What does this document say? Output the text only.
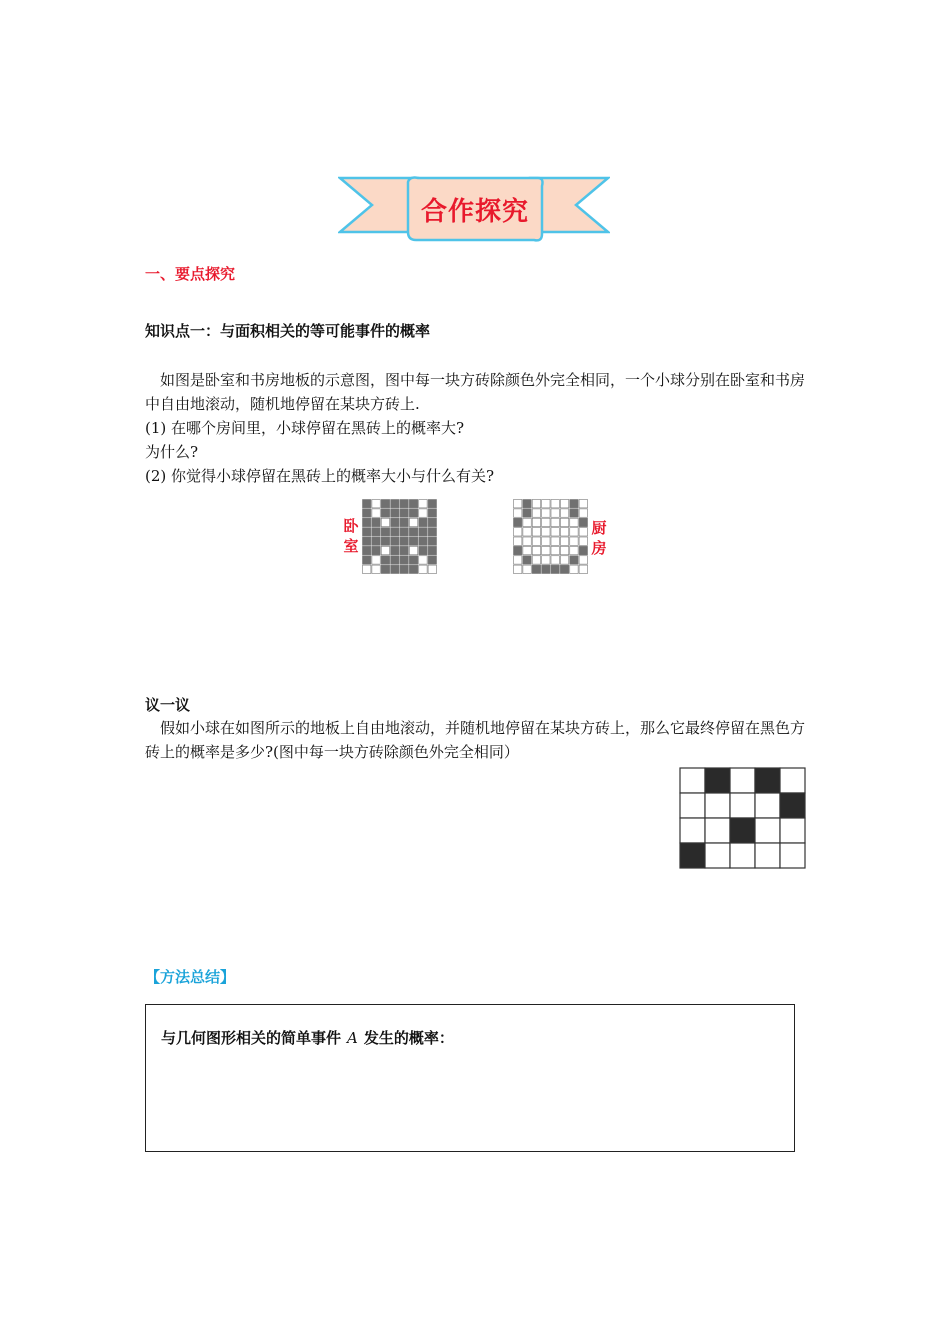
合作探究
一、要点探究
知识点一：与面积相关的等可能事件的概率
如图是卧室和书房地板的示意图，图中每一块方砖除颜色外完全相同，一个小球分别在卧室和书房中自由地滚动，随机地停留在某块方砖上.
(1) 在哪个房间里，小球停留在黑砖上的概率大?
为什么?
(2) 你觉得小球停留在黑砖上的概率大小与什么有关?
卧室
厨房
议一议
假如小球在如图所示的地板上自由地滚动，并随机地停留在某块方砖上，那么它最终停留在黑色方砖上的概率是多少?(图中每一块方砖除颜色外完全相同）
【方法总结】
与几何图形相关的简单事件 A 发生的概率：
